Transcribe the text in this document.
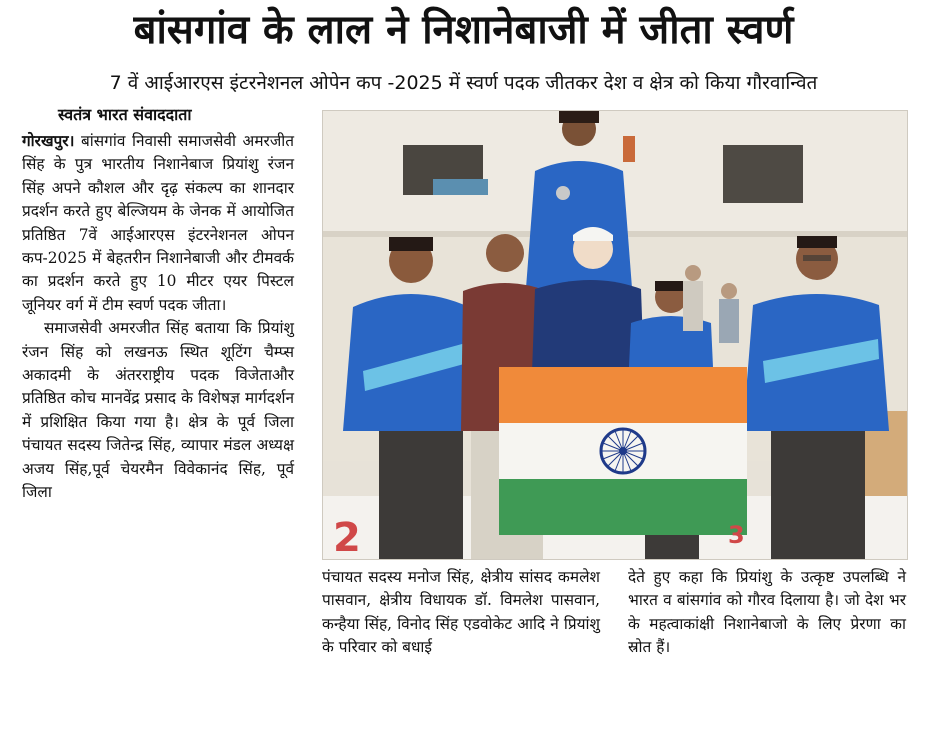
बांसगांव के लाल ने निशानेबाजी में जीता स्वर्ण
7 वें आईआरएस इंटरनेशनल ओपेन कप -2025 में स्वर्ण पदक जीतकर देश व क्षेत्र को किया गौरवान्वित
स्वतंत्र भारत संवाददाता

गोरखपुर। बांसगांव निवासी समाजसेवी अमरजीत सिंह के पुत्र भारतीय निशानेबाज प्रियांशु रंजन सिंह अपने कौशल और दृढ़ संकल्प का शानदार प्रदर्शन करते हुए बेल्जियम के जेनक में आयोजित प्रतिष्ठित 7वें आईआरएस इंटरनेशनल ओपन कप-2025 में बेहतरीन निशानेबाजी और टीमवर्क का प्रदर्शन करते हुए 10 मीटर एयर पिस्टल जूनियर वर्ग में टीम स्वर्ण पदक जीता।

समाजसेवी अमरजीत सिंह बताया कि प्रियांशु रंजन सिंह को लखनऊ स्थित शूटिंग चैम्प्स अकादमी के अंतरराष्ट्रीय पदक विजेताऔर प्रतिष्ठित कोच मानवेंद्र प्रसाद के विशेषज्ञ मार्गदर्शन में प्रशिक्षित किया गया है। क्षेत्र के पूर्व जिला पंचायत सदस्य जितेन्द्र सिंह, व्यापार मंडल अध्यक्ष अजय सिंह,पूर्व चेयरमैन विवेकानंद सिंह, पूर्व जिला

2	3

पंचायत सदस्य मनोज सिंह, क्षेत्रीय सांसद कमलेश पासवान, क्षेत्रीय विधायक डॉ. विमलेश पासवान, कन्हैया सिंह, विनोद सिंह एडवोकेट आदि ने प्रियांशु के परिवार को बधाई

देते हुए कहा कि प्रियांशु के उत्कृष्ट उपलब्धि ने भारत व बांसगांव को गौरव दिलाया है। जो देश भर के महत्वाकांक्षी निशानेबाजो के लिए प्रेरणा का स्रोत हैं।
